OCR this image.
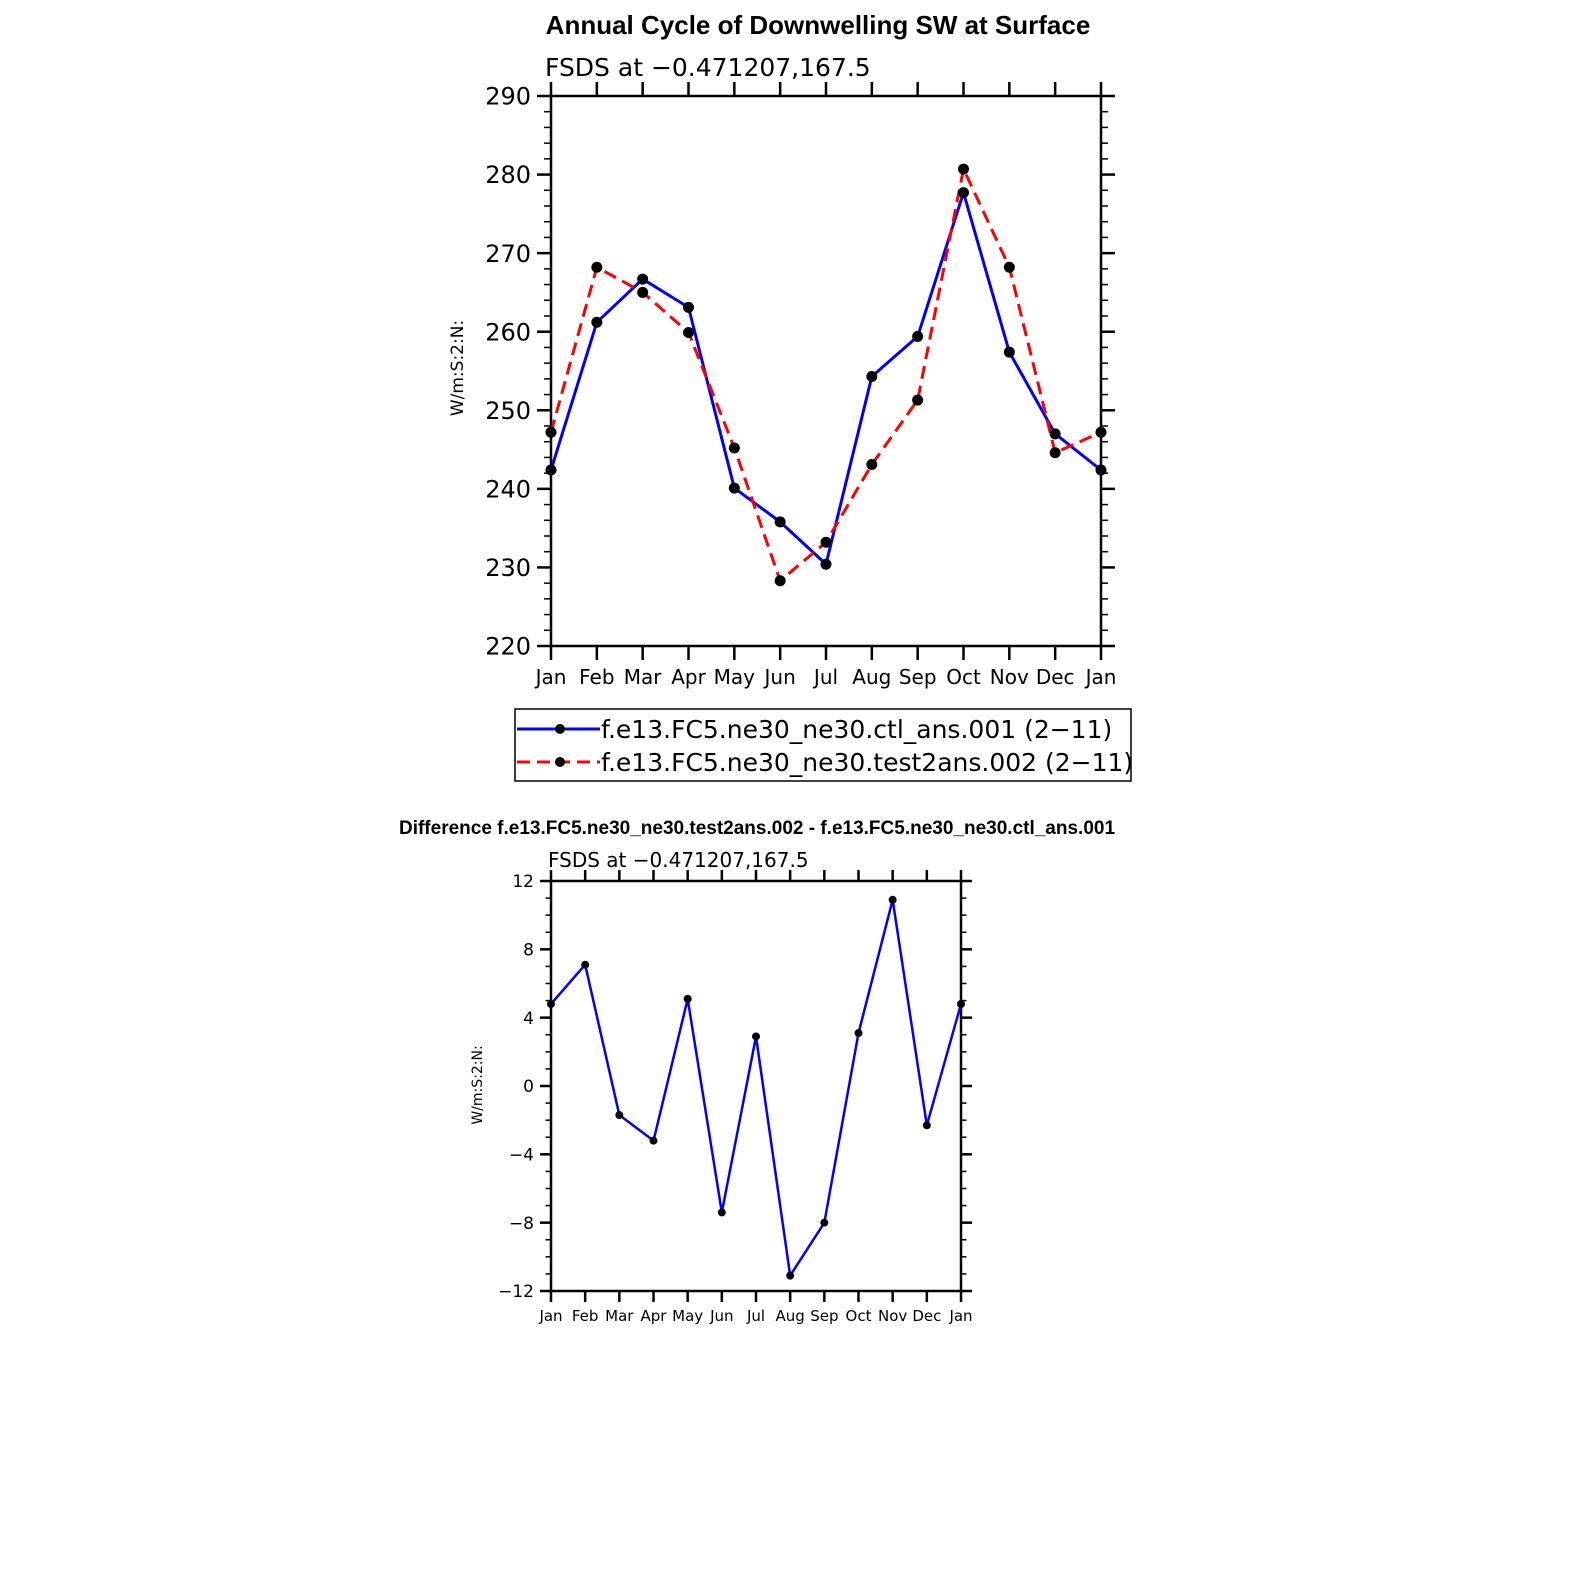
Annual Cycle of Downwelling SW at Surface
FSDS at −0.471207,167.5
W/m:S:2:N:
Jan Feb Mar Apr May Jun Jul Aug Sep Oct Nov Dec Jan
220
230
240
250
260
270
280
290
f.e13.FC5.ne30_ne30.ctl_ans.001 (2−11)
f.e13.FC5.ne30_ne30.test2ans.002 (2−11)
Difference f.e13.FC5.ne30_ne30.test2ans.002 - f.e13.FC5.ne30_ne30.ctl_ans.001
FSDS at −0.471207,167.5
W/m:S:2:N:
Jan Feb Mar Apr May Jun Jul Aug Sep Oct Nov Dec Jan
−12
−8
−4
0
4
8
12
